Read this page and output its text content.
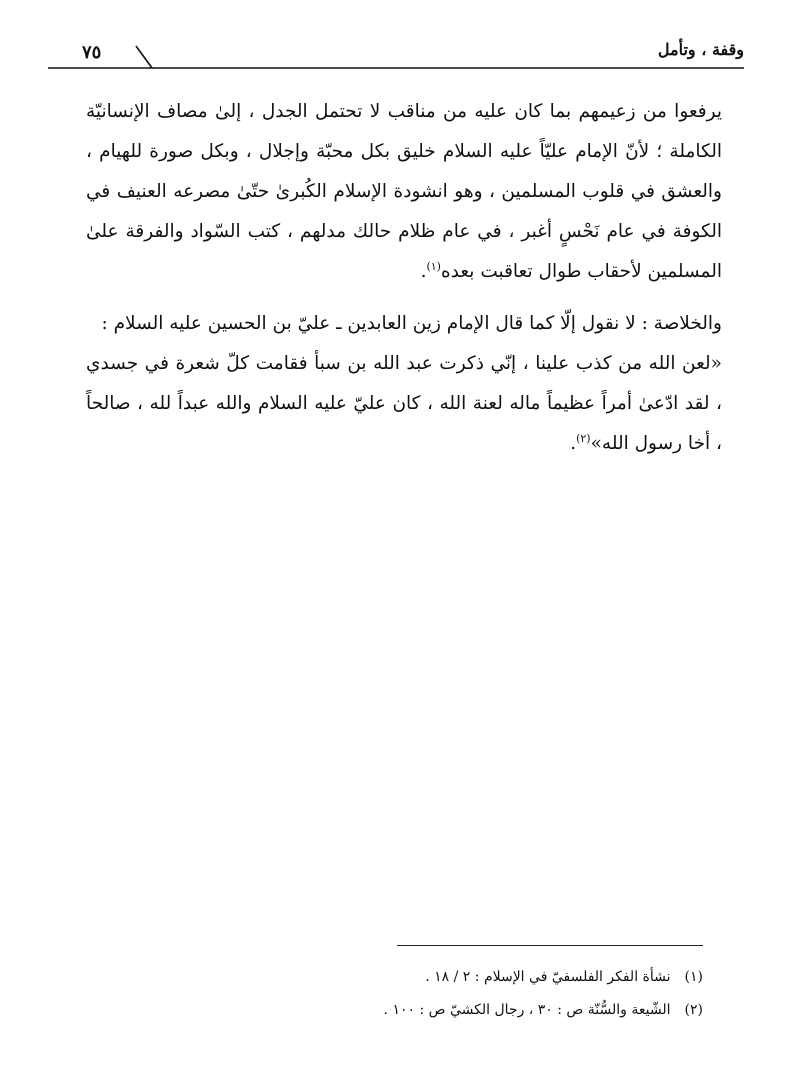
وقفة ، وتأمل
٧٥

يرفعوا من زعيمهم بما كان عليه من مناقب لا تحتمل الجدل ، إلىٰ مصاف الإنسانيّة الكاملة ؛ لأنّ الإمام عليّاً عليه السلام خليق بكل محبّة وإجلال ، وبكل صورة للهيام ، والعشق في قلوب المسلمين ، وهو انشودة الإسلام الكُبرىٰ حتّىٰ مصرعه العنيف في الكوفة في عام نَحْسٍ أغبر ، في عام ظلام حالك مدلهم ، كتب السّواد والفرقة علىٰ المسلمين لأحقاب طوال تعاقبت بعده$^{(١)}$.

والخلاصة : لا نقول إلّا كما قال الإمام زين العابدين ـ عليّ بن الحسين عليه السلام :

«لعن الله من كذب علينا ، إنّي ذكرت عبد الله بن سبأ فقامت كلّ شعرة في جسدي ، لقد ادّعىٰ أمراً عظيماً ماله لعنة الله ، كان عليّ عليه السلام والله عبداً لله ، صالحاً ، أخا رسول الله»$^{(٢)}$.

(١)نشأة الفكر الفلسفيّ في الإسلام : ٢ / ١٨ .
(٢)الشّيعة والسُّنّة ص : ٣٠ ، رجال الكشيّ ص : ١٠٠ .
